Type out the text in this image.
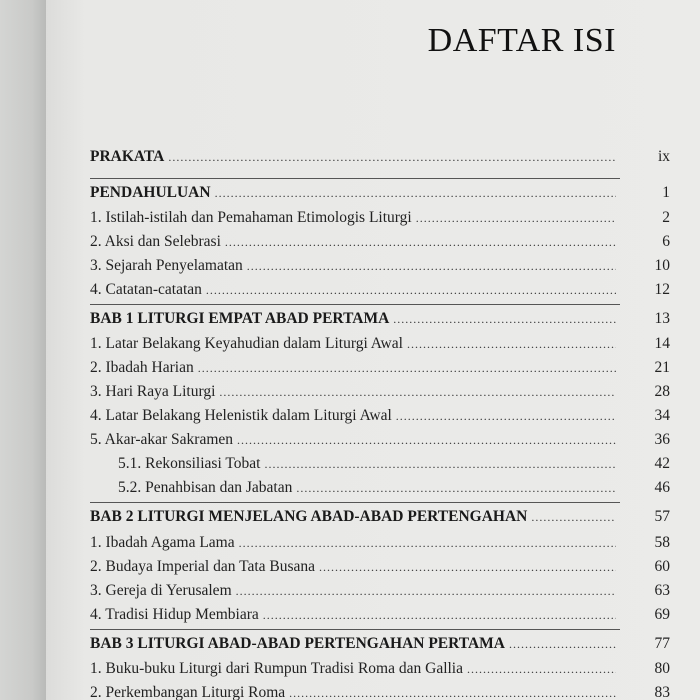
DAFTAR ISI
PRAKATA .....	ix
PENDAHULUAN .....	1
1. Istilah-istilah dan Pemahaman Etimologis Liturgi .....	2
2. Aksi dan Selebrasi .....	6
3. Sejarah Penyelamatan .....	10
4. Catatan-catatan .....	12
BAB 1 LITURGI EMPAT ABAD PERTAMA .....	13
1. Latar Belakang Keyahudian dalam Liturgi Awal .....	14
2. Ibadah Harian .....	21
3. Hari Raya Liturgi .....	28
4. Latar Belakang Helenistik dalam Liturgi Awal .....	34
5. Akar-akar Sakramen .....	36
5.1. Rekonsiliasi Tobat .....	42
5.2. Penahbisan dan Jabatan .....	46
BAB 2 LITURGI MENJELANG ABAD-ABAD PERTENGAHAN .....	57
1. Ibadah Agama Lama .....	58
2. Budaya Imperial dan Tata Busana .....	60
3. Gereja di Yerusalem .....	63
4. Tradisi Hidup Membiara .....	69
BAB 3 LITURGI ABAD-ABAD PERTENGAHAN PERTAMA .....	77
1. Buku-buku Liturgi dari Rumpun Tradisi Roma dan Gallia .....	80
2. Perkembangan Liturgi Roma .....	83
